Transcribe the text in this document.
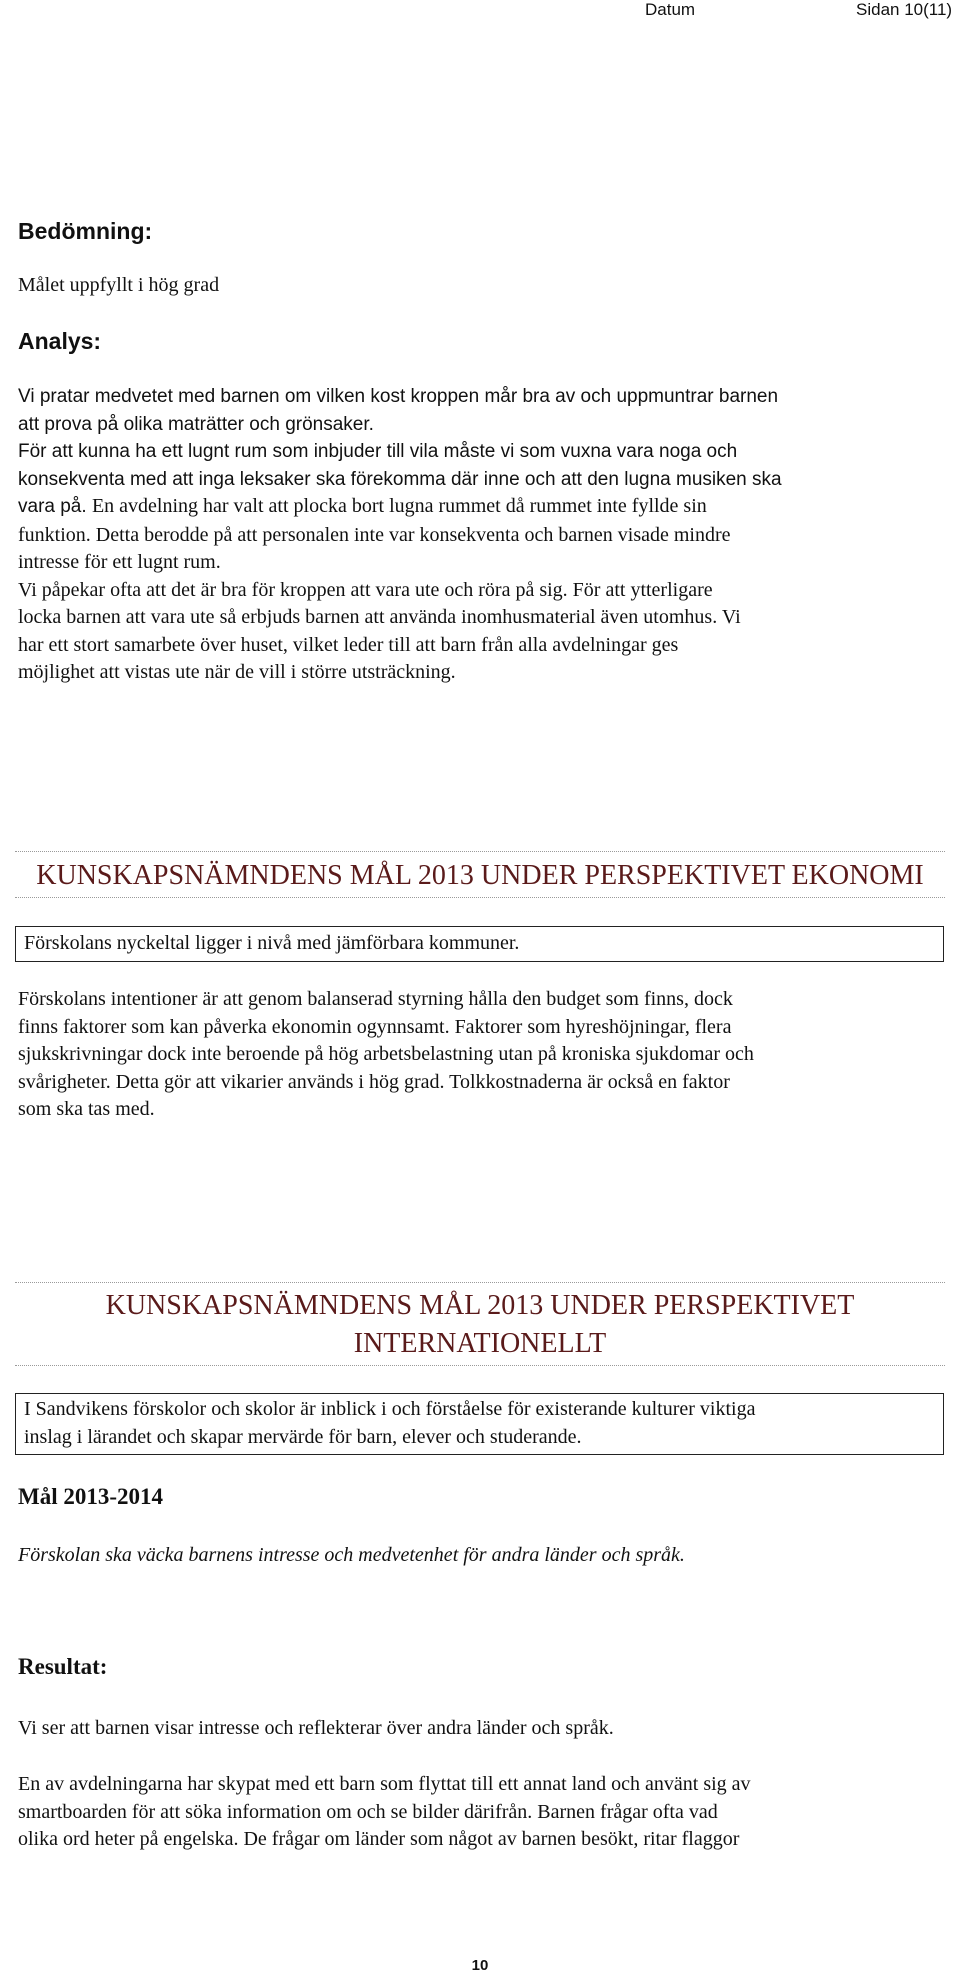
Datum	Sidan 10(11)
Bedömning:

Målet uppfyllt i hög grad

Analys:
Vi pratar medvetet med barnen om vilken kost kroppen mår bra av och uppmuntrar barnen
att prova på olika maträtter och grönsaker.
För att kunna ha ett lugnt rum som inbjuder till vila måste vi som vuxna vara noga och
konsekventa med att inga leksaker ska förekomma där inne och att den lugna musiken ska
vara på. En avdelning har valt att plocka bort lugna rummet då rummet inte fyllde sin
funktion. Detta berodde på att personalen inte var konsekventa och barnen visade mindre
intresse för ett lugnt rum.
Vi påpekar ofta att det är bra för kroppen att vara ute och röra på sig. För att ytterligare
locka barnen att vara ute så erbjuds barnen att använda inomhusmaterial även utomhus. Vi
har ett stort samarbete över huset, vilket leder till att barn från alla avdelningar ges
möjlighet att vistas ute när de vill i större utsträckning.
KUNSKAPSNÄMNDENS MÅL 2013 UNDER PERSPEKTIVET EKONOMI
Förskolans nyckeltal ligger i nivå med jämförbara kommuner.
Förskolans intentioner är att genom balanserad styrning hålla den budget som finns, dock
finns faktorer som kan påverka ekonomin ogynnsamt. Faktorer som hyreshöjningar, flera
sjukskrivningar dock inte beroende på hög arbetsbelastning utan på kroniska sjukdomar och
svårigheter. Detta gör att vikarier används i hög grad. Tolkkostnaderna är också en faktor
som ska tas med.
KUNSKAPSNÄMNDENS MÅL 2013 UNDER PERSPEKTIVET
INTERNATIONELLT
I Sandvikens förskolor och skolor är inblick i och förståelse för existerande kulturer viktiga
inslag i lärandet och skapar mervärde för barn, elever och studerande.
Mål 2013-2014

Förskolan ska väcka barnens intresse och medvetenhet för andra länder och språk.

Resultat:

Vi ser att barnen visar intresse och reflekterar över andra länder och språk.

En av avdelningarna har skypat med ett barn som flyttat till ett annat land och använt sig av
smartboarden för att söka information om och se bilder därifrån. Barnen frågar ofta vad
olika ord heter på engelska. De frågar om länder som något av barnen besökt, ritar flaggor
10
